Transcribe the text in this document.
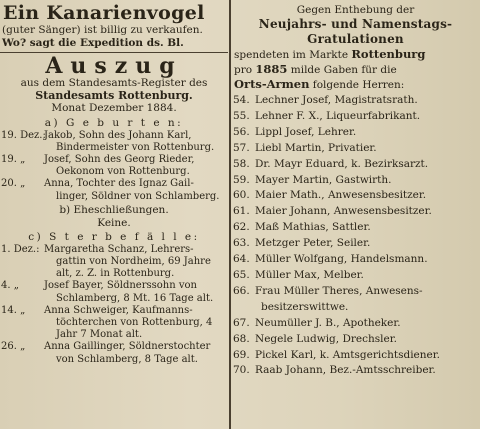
Ein Kanarienvogel
(guter Sänger) ist billig zu verkaufen.
Wo? sagt die Expedition ds. Bl.
Auszug
aus dem Standesamts-Register des
Standesamts Rottenburg.
Monat Dezember 1884.
a) G e b u r t e n:
19. Dez.:
Jakob, Sohn des Johann Karl,
Bindermeister von Rottenburg.
19. „ Josef, Sohn des Georg Rieder,
Oekonom von Rottenburg.
20. „ Anna, Tochter des Ignaz Gail-
linger, Söldner von Schlamberg.
b) Eheschließungen.
Keine.
c) S t e r b e f ä l l e:
1. Dez.: Margaretha Schanz, Lehrers-
gattin von Nordheim, 69 Jahre
alt, z. Z. in Rottenburg.
4. „	Josef Bayer, Söldnerssohn von
Schlamberg, 8 Mt. 16 Tage alt.
14. „ Anna Schweiger, Kaufmanns-
töchterchen von Rottenburg, 4
Jahr 7 Monat alt.
26. „ Anna Gaillinger, Söldnerstochter
von Schlamberg, 8 Tage alt.
Gegen Enthebung der
Neujahrs- und Namenstags-
Gratulationen
spendeten im Markte Rottenburg
pro 1885 milde Gaben für die
Orts-Armen folgende Herren:
54. Lechner Josef, Magistratsrath.
55. Lehner F. X., Liqueurfabrikant.
56. Lippl Josef, Lehrer.
57. Liebl Martin, Privatier.
58. Dr. Mayr Eduard, k. Bezirksarzt.
59. Mayer Martin, Gastwirth.
60. Maier Math., Anwesensbesitzer.
61. Maier Johann, Anwesensbesitzer.
62. Maß Mathias, Sattler.
63. Metzger Peter, Seiler.
64. Müller Wolfgang, Handelsmann.
65. Müller Max, Melber.
66. Frau Müller Theres, Anwesens-
besitzerswittwe.
67. Neumüller J. B., Apotheker.
68. Negele Ludwig, Drechsler.
69. Pickel Karl, k. Amtsgerichtsdiener.
70. Raab Johann, Bez.-Amtsschreiber.
